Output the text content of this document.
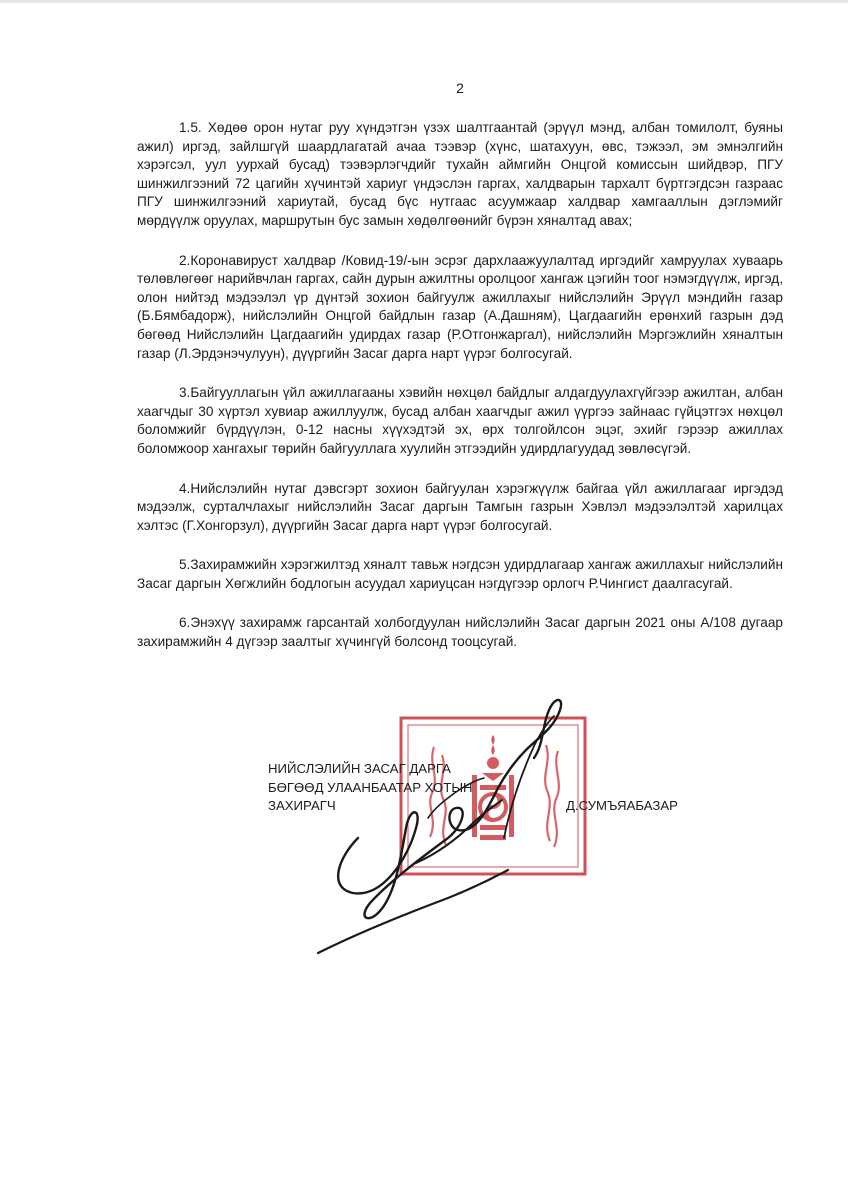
2

1.5. Хөдөө орон нутаг руу хүндэтгэн үзэх шалтгаантай (эрүүл мэнд, албан томилолт, буяны ажил) иргэд, зайлшгүй шаардлагатай ачаа тээвэр (хүнс, шатахуун, өвс, тэжээл, эм эмнэлгийн хэрэгсэл, уул уурхай бусад) тээвэрлэгчдийг тухайн аймгийн Онцгой комиссын шийдвэр, ПГУ шинжилгээний 72 цагийн хүчинтэй хариуг үндэслэн гаргах, халдварын тархалт бүртгэгдсэн газраас ПГУ шинжилгээний хариутай, бусад бүс нутгаас асуумжаар халдвар хамгааллын дэглэмийг мөрдүүлж оруулах, маршрутын бус замын хөдөлгөөнийг бүрэн хяналтад авах;

2.Коронавируст халдвар /Ковид-19/-ын эсрэг дархлаажуулалтад иргэдийг хамруулах хуваарь төлөвлөгөөг нарийвчлан гаргах, сайн дурын ажилтны оролцоог хангаж цэгийн тоог нэмэгдүүлж, иргэд, олон нийтэд мэдээлэл үр дүнтэй зохион байгуулж ажиллахыг нийслэлийн Эрүүл мэндийн газар (Б.Бямбадорж), нийслэлийн Онцгой байдлын газар (А.Дашням), Цагдаагийн ерөнхий газрын дэд бөгөөд Нийслэлийн Цагдаагийн удирдах газар (Р.Отгонжаргал), нийслэлийн Мэргэжлийн хяналтын газар (Л.Эрдэнэчулуун), дүүргийн Засаг дарга нарт үүрэг болгосугай.

3.Байгууллагын үйл ажиллагааны хэвийн нөхцөл байдлыг алдагдуулахгүйгээр ажилтан, албан хаагчдыг 30 хүртэл хувиар ажиллуулж, бусад албан хаагчдыг ажил үүргээ зайнаас гүйцэтгэх нөхцөл боломжийг бүрдүүлэн, 0-12 насны хүүхэдтэй эх, өрх толгойлсон эцэг, эхийг гэрээр ажиллах боломжоор хангахыг төрийн байгууллага хуулийн этгээдийн удирдлагуудад зөвлөсүгэй.

4.Нийслэлийн нутаг дэвсгэрт зохион байгуулан хэрэгжүүлж байгаа үйл ажиллагааг иргэдэд мэдээлж, сурталчлахыг нийслэлийн Засаг даргын Тамгын газрын Хэвлэл мэдээлэлтэй харилцах хэлтэс (Г.Хонгорзул), дүүргийн Засаг дарга нарт үүрэг болгосугай.

5.Захирамжийн хэрэгжилтэд хяналт тавьж нэгдсэн удирдлагаар хангаж ажиллахыг нийслэлийн Засаг даргын Хөгжлийн бодлогын асуудал хариуцсан нэгдүгээр орлогч Р.Чингист даалгасугай.

6.Энэхүү захирамж гарсантай холбогдуулан нийслэлийн Засаг даргын 2021 оны А/108 дугаар захирамжийн 4 дүгээр заалтыг хүчингүй болсонд тооцсугай.

НИЙСЛЭЛИЙН ЗАСАГ ДАРГА
БӨГӨӨД УЛААНБААТАР ХОТЫН
ЗАХИРАГЧ	Д.СУМЪЯАБАЗАР
